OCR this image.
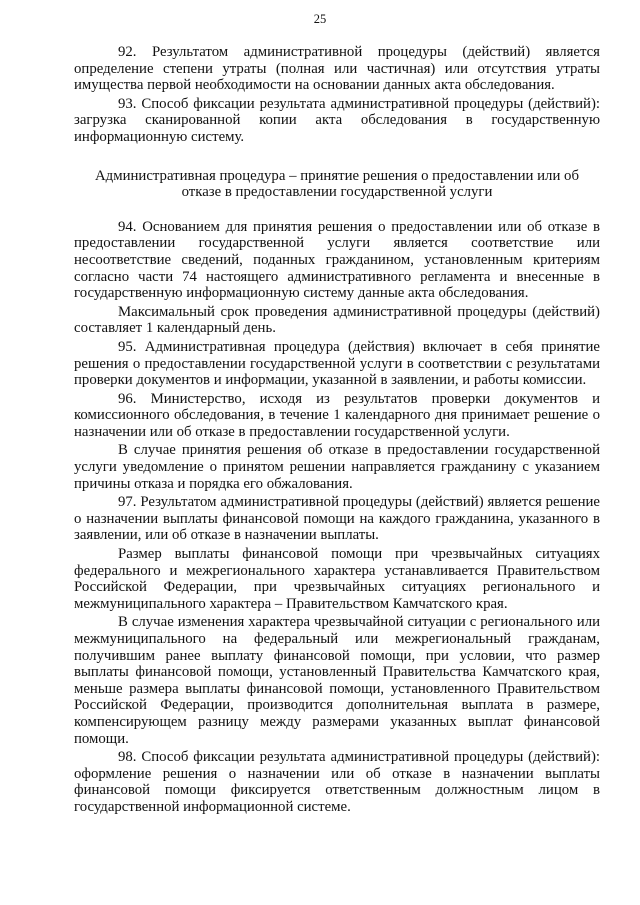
25

92. Результатом административной процедуры (действий) является определение степени утраты (полная или частичная) или отсутствия утраты имущества первой необходимости на основании данных акта обследования.

93. Способ фиксации результата административной процедуры (действий): загрузка сканированной копии акта обследования в государственную информационную систему.

Административная процедура – принятие решения о предоставлении или об отказе в предоставлении государственной услуги

94. Основанием для принятия решения о предоставлении или об отказе в предоставлении государственной услуги является соответствие или несоответствие сведений, поданных гражданином, установленным критериям согласно части 74 настоящего административного регламента и внесенные в государственную информационную систему данные акта обследования.

Максимальный срок проведения административной процедуры (действий) составляет 1 календарный день.

95. Административная процедура (действия) включает в себя принятие решения о предоставлении государственной услуги в соответствии с результатами проверки документов и информации, указанной в заявлении, и работы комиссии.

96. Министерство, исходя из результатов проверки документов и комиссионного обследования, в течение 1 календарного дня принимает решение о назначении или об отказе в предоставлении государственной услуги.

В случае принятия решения об отказе в предоставлении государственной услуги уведомление о принятом решении направляется гражданину с указанием причины отказа и порядка его обжалования.

97. Результатом административной процедуры (действий) является решение о назначении выплаты финансовой помощи на каждого гражданина, указанного в заявлении, или об отказе в назначении выплаты.

Размер выплаты финансовой помощи при чрезвычайных ситуациях федерального и межрегионального характера устанавливается Правительством Российской Федерации, при чрезвычайных ситуациях регионального и межмуниципального характера – Правительством Камчатского края.

В случае изменения характера чрезвычайной ситуации с регионального или межмуниципального на федеральный или межрегиональный гражданам, получившим ранее выплату финансовой помощи, при условии, что размер выплаты финансовой помощи, установленный Правительства Камчатского края, меньше размера выплаты финансовой помощи, установленного Правительством Российской Федерации, производится дополнительная выплата в размере, компенсирующем разницу между размерами указанных выплат финансовой помощи.

98. Способ фиксации результата административной процедуры (действий): оформление решения о назначении или об отказе в назначении выплаты финансовой помощи фиксируется ответственным должностным лицом в государственной информационной системе.
